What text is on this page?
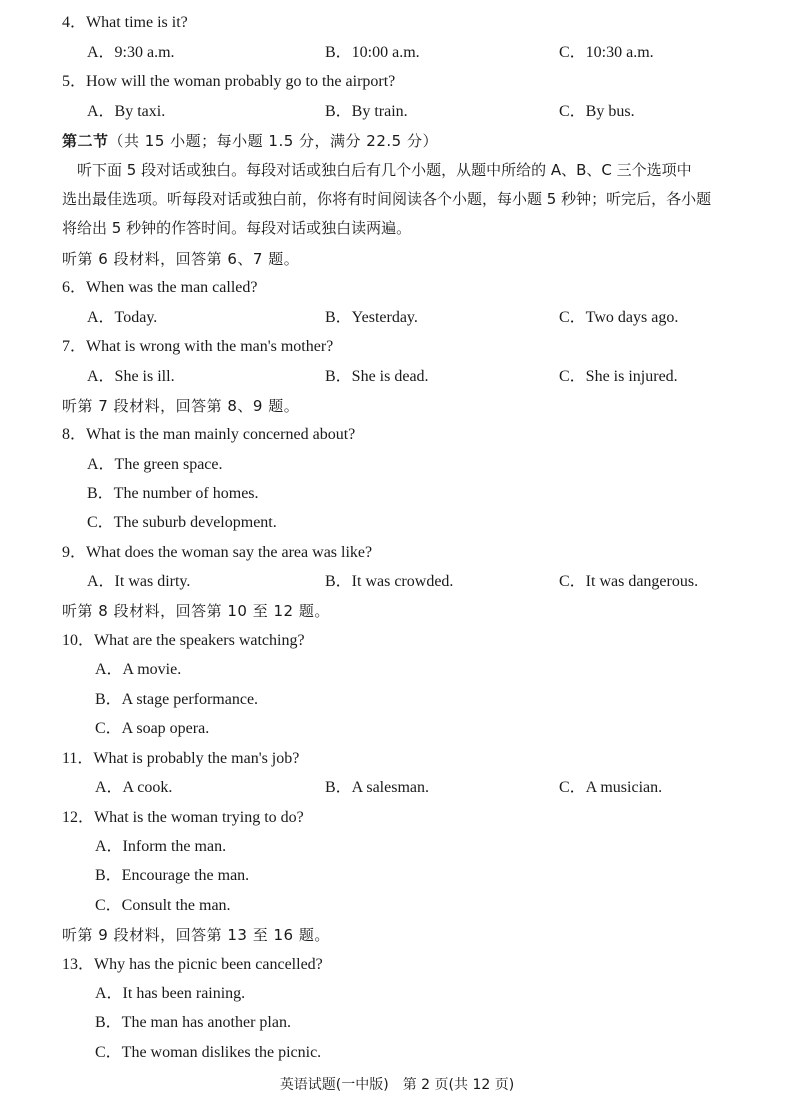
4．What time is it?
A．9:30 a.m.	B．10:00 a.m.	C．10:30 a.m.
5．How will the woman probably go to the airport?
A．By taxi.	B．By train.	C．By bus.
第二节（共 15 小题；每小题 1.5 分，满分 22.5 分）
　听下面 5 段对话或独白。每段对话或独白后有几个小题，从题中所给的 A、B、C 三个选项中
选出最佳选项。听每段对话或独白前，你将有时间阅读各个小题，每小题 5 秒钟；听完后，各小题
将给出 5 秒钟的作答时间。每段对话或独白读两遍。
听第 6 段材料，回答第 6、7 题。
6．When was the man called?
A．Today.	B．Yesterday.	C．Two days ago.
7．What is wrong with the man's mother?
A．She is ill.	B．She is dead.	C．She is injured.
听第 7 段材料，回答第 8、9 题。
8．What is the man mainly concerned about?
A．The green space.
B．The number of homes.
C．The suburb development.
9．What does the woman say the area was like?
A．It was dirty.	B．It was crowded.	C．It was dangerous.
听第 8 段材料，回答第 10 至 12 题。
10．What are the speakers watching?
A．A movie.
B．A stage performance.
C．A soap opera.
11．What is probably the man's job?
A．A cook.	B．A salesman.	C．A musician.
12．What is the woman trying to do?
A．Inform the man.
B．Encourage the man.
C．Consult the man.
听第 9 段材料，回答第 13 至 16 题。
13．Why has the picnic been cancelled?
A．It has been raining.
B．The man has another plan.
C．The woman dislikes the picnic.
英语试题(一中版)　第 2 页(共 12 页)
